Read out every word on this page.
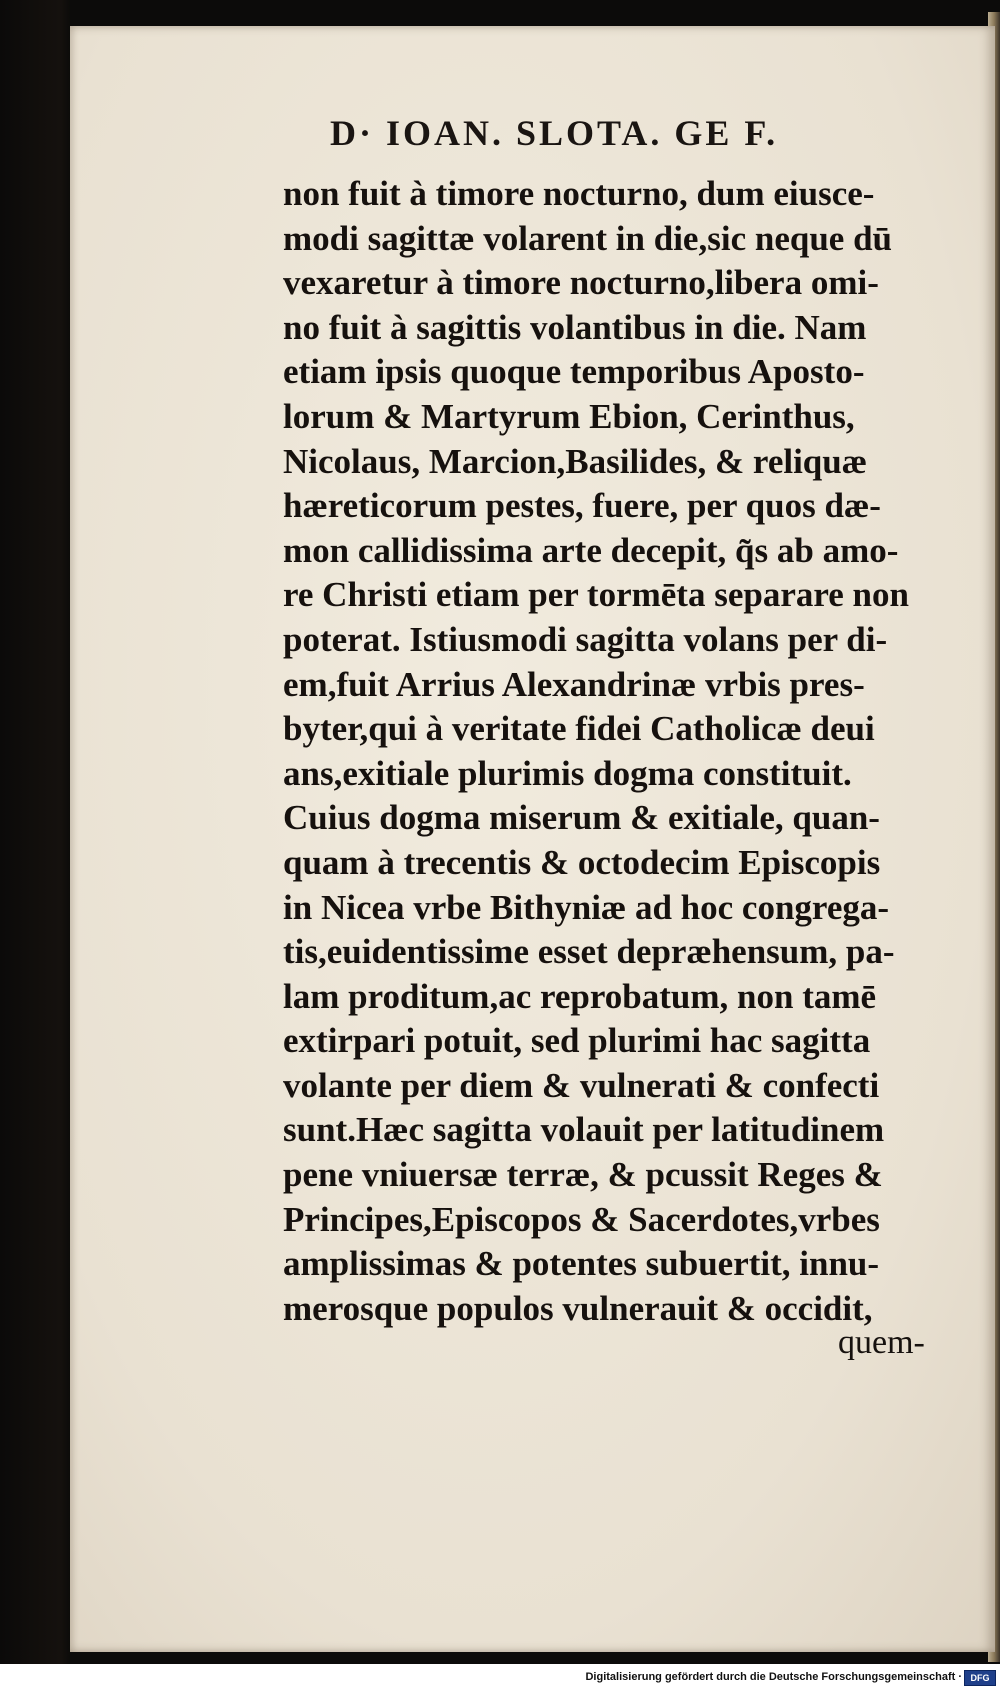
D· IOAN. SLOTA. GE F.
non fuit à timore nocturno, dum eiusce-
modi sagittæ volarent in die,sic neque dū
vexaretur à timore nocturno,libera omi-
no fuit à sagittis volantibus in die. Nam
etiam ipsis quoque temporibus Aposto-
lorum & Martyrum Ebion, Cerinthus,
Nicolaus, Marcion,Basilides, & reliquæ
hæreticorum pestes, fuere, per quos dæ-
mon callidissima arte decepit, q̃s ab amo-
re Christi etiam per tormēta separare non
poterat. Istiusmodi sagitta volans per di-
em,fuit Arrius Alexandrinæ vrbis pres-
byter,qui à veritate fidei Catholicæ deui
ans,exitiale plurimis dogma constituit.
Cuius dogma miserum & exitiale, quan-
quam à trecentis & octodecim Episcopis
in Nicea vrbe Bithyniæ ad hoc congrega-
tis,euidentissime esset depræhensum, pa-
lam proditum,ac reprobatum, non tamē
extirpari potuit, sed plurimi hac sagitta
volante per diem & vulnerati & confecti
sunt.Hæc sagitta volauit per latitudinem
pene vniuersæ terræ, & pcussit Reges &
Principes,Episcopos & Sacerdotes,vrbes
amplissimas & potentes subuertit, innu-
merosque populos vulnerauit & occidit,

quem-

Digitalisierung gefördert durch die Deutsche Forschungsgemeinschaft · DFG
